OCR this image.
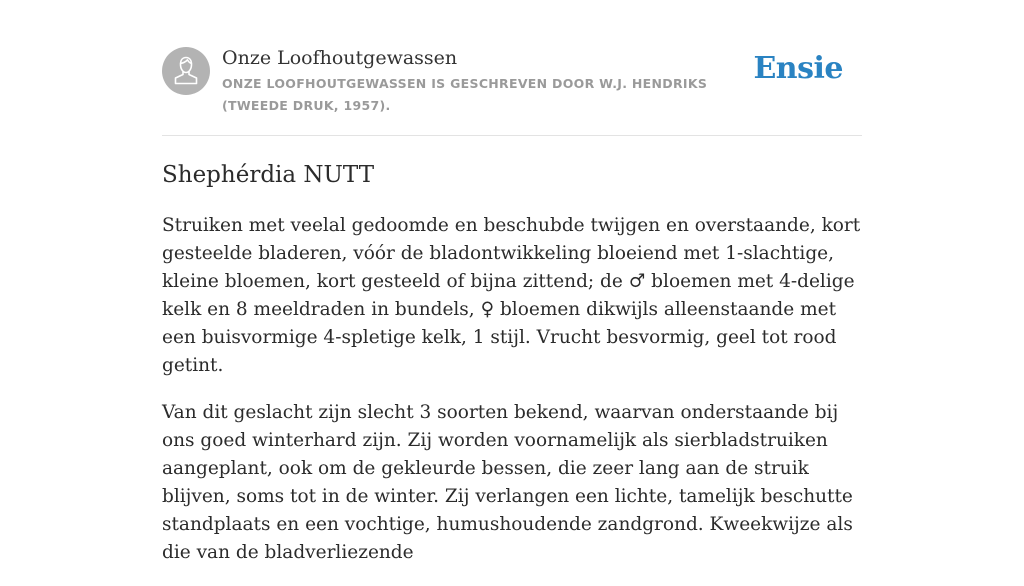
Onze Loofhoutgewassen
ONZE LOOFHOUTGEWASSEN IS GESCHREVEN DOOR W.J. HENDRIKS (TWEEDE DRUK, 1957).
Ensie
Shephérdia NUTT

Struiken met veelal gedoomde en beschubde twijgen en overstaande, kort gesteelde bladeren, vóór de bladontwikkeling bloeiend met 1-slachtige, kleine bloemen, kort gesteeld of bijna zittend; de ♂ bloemen met 4-delige kelk en 8 meeldraden in bundels, ♀ bloemen dikwijls alleenstaande met een buisvormige 4-spletige kelk, 1 stijl. Vrucht besvormig, geel tot rood getint.

Van dit geslacht zijn slecht 3 soorten bekend, waarvan onderstaande bij ons goed winterhard zijn. Zij worden voornamelijk als sierbladstruiken aangeplant, ook om de gekleurde bessen, die zeer lang aan de struik blijven, soms tot in de winter. Zij verlangen een lichte, tamelijk beschutte standplaats en een vochtige, humushoudende zandgrond. Kweekwijze als die van de bladverliezende
